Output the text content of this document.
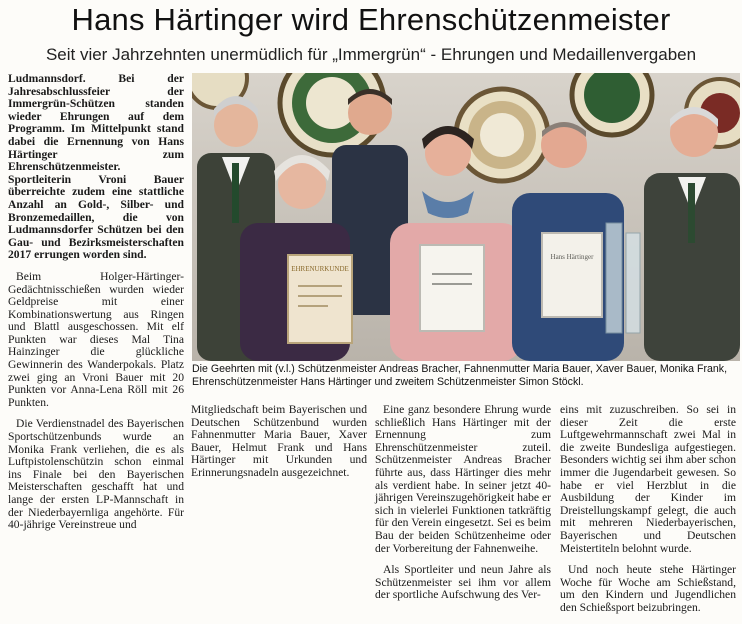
Hans Härtinger wird Ehrenschützenmeister
Seit vier Jahrzehnten unermüdlich für „Immergrün“ - Ehrungen und Medaillenvergaben

Ludmannsdorf. Bei der Jahresabschlussfeier der Immergrün-Schützen standen wieder Ehrungen auf dem Programm. Im Mittelpunkt stand dabei die Ernennung von Hans Härtinger zum Ehrenschützenmeister. Sportleiterin Vroni Bauer überreichte zudem eine stattliche Anzahl an Gold-, Silber- und Bronzemedaillen, die von Ludmannsdorfer Schützen bei den Gau- und Bezirksmeisterschaften 2017 errungen worden sind.

Beim Holger-Härtinger-Gedächtnisschießen wurden wieder Geldpreise mit einer Kombinationswertung aus Ringen und Blattl ausgeschossen. Mit elf Punkten war dieses Mal Tina Hainzinger die glückliche Gewinnerin des Wanderpokals. Platz zwei ging an Vroni Bauer mit 20 Punkten vor Anna-Lena Röll mit 26 Punkten.

Die Verdienstnadel des Bayerischen Sportschützenbunds wurde an Monika Frank verliehen, die es als Luftpistolenschützin schon einmal ins Finale bei den Bayerischen Meisterschaften geschafft hat und lange der ersten LP-Mannschaft in der Niederbayernliga angehörte. Für 40-jährige Vereinstreue und

EHRENURKUNDE
Hans Härtinger
Die Geehrten mit (v.l.) Schützenmeister Andreas Bracher, Fahnenmutter Maria Bauer, Xaver Bauer, Monika Frank, Ehrenschützenmeister Hans Härtinger und zweitem Schützenmeister Simon Stöckl.

Mitgliedschaft beim Bayerischen und Deutschen Schützenbund wurden Fahnenmutter Maria Bauer, Xaver Bauer, Helmut Frank und Hans Härtinger mit Urkunden und Erinnerungsnadeln ausgezeichnet.

Eine ganz besondere Ehrung wurde schließlich Hans Härtinger mit der Ernennung zum Ehrenschützenmeister zuteil. Schützenmeister Andreas Bracher führte aus, dass Härtinger dies mehr als verdient habe. In seiner jetzt 40-jährigen Vereinszugehörigkeit habe er sich in vielerlei Funktionen tatkräftig für den Verein eingesetzt. Sei es beim Bau der beiden Schützenheime oder der Vorbereitung der Fahnenweihe.

Als Sportleiter und neun Jahre als Schützenmeister sei ihm vor allem der sportliche Aufschwung des Ver-

eins mit zuzuschreiben. So sei in dieser Zeit die erste Luftgewehrmannschaft zwei Mal in die zweite Bundesliga aufgestiegen. Besonders wichtig sei ihm aber schon immer die Jugendarbeit gewesen. So habe er viel Herzblut in die Ausbildung der Kinder im Dreistellungskampf gelegt, die auch mit mehreren Niederbayerischen, Bayerischen und Deutschen Meistertiteln belohnt wurde.

Und noch heute stehe Härtinger Woche für Woche am Schießstand, um den Kindern und Jugendlichen den Schießsport beizubringen.
